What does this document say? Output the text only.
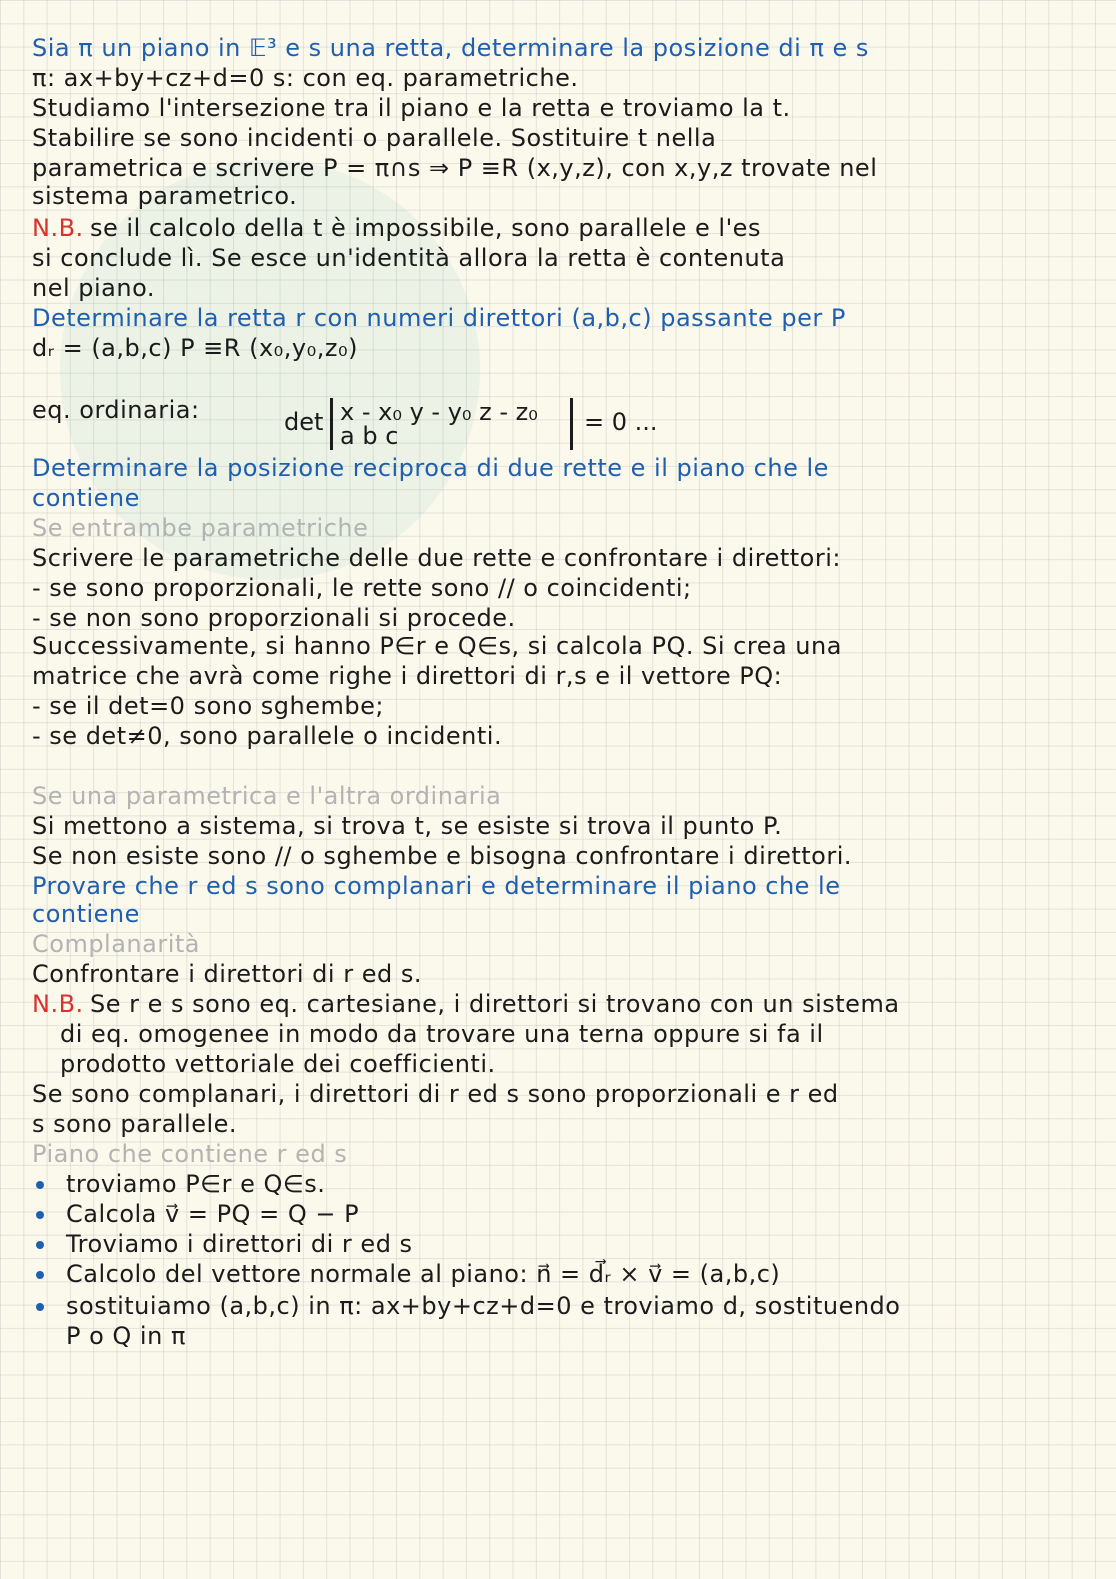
Siа π un piano in 𝔼³ e s una retta, determinare la posizione di π e s
π: ax+by+cz+d=0 s: con eq. parametriche.
Studiamo l'intersezione tra il piano e la retta e troviamo la t.
Stabilire se sono incidenti o parallele. Sostituire t nella
parametrica e scrivere P = π∩s ⇒ P ≡R (x,y,z), con x,y,z trovate nel
sistema parametrico.
N.B. se il calcolo della t è impossibile, sono parallele e l'es
si conclude lì. Se esce un'identità allora la retta è contenuta
nel piano.
Determinare la retta r con numeri direttori (a,b,c) passante per P
dᵣ = (a,b,c) P ≡R (x₀,y₀,z₀)
eq. ordinaria:
Determinare la posizione reciproca di due rette e il piano che le
contiene
Se entrambe parametriche
Scrivere le parametriche delle due rette e confrontare i direttori:
- se sono proporzionali, le rette sono // o coincidenti;
- se non sono proporzionali si procede.
Successivamente, si hanno P∈r e Q∈s, si calcola PQ. Si crea una
matrice che avrà come righe i direttori di r,s e il vettore PQ:
- se il det=0 sono sghembe;
- se det≠0, sono parallele o incidenti.
Se una parametrica e l'altra ordinaria
Si mettono a sistema, si trova t, se esiste si trova il punto P.
Se non esiste sono // o sghembe e bisogna confrontare i direttori.
Provare che r ed s sono complanari e determinare il piano che le
contiene
Complanarità
Confrontare i direttori di r ed s.
N.B. Se r e s sono eq. cartesiane, i direttori si trovano con un sistema
di eq. omogenee in modo da trovare una terna oppure si fa il
prodotto vettoriale dei coefficienti.
Se sono complanari, i direttori di r ed s sono proporzionali e r ed
s sono parallele.
Piano che contiene r ed s
troviamo P∈r e Q∈s.
Calcola v⃗ = PQ = Q − P
Troviamo i direttori di r ed s
Calcolo del vettore normale al piano: n⃗ = d⃗ᵣ × v⃗ = (a,b,c)
sostituiamo (a,b,c) in π: ax+by+cz+d=0 e troviamo d, sostituendo
P o Q in π
det x - x₀ y - y₀ z - z₀
a b c	= 0 ...
